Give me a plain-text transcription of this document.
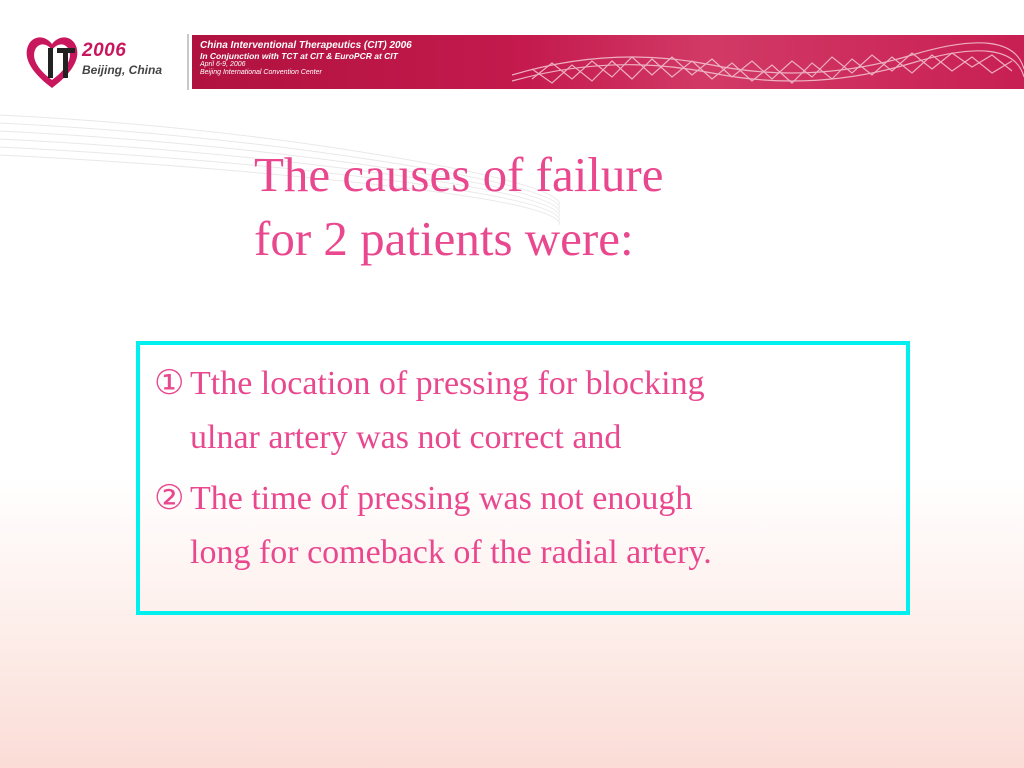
2006
Beijing, China
China Interventional Therapeutics (CIT) 2006
In Conjunction with TCT at CIT & EuroPCR at CIT
April 6-9, 2006
Beijing International Convention Center
The causes of failure
for 2 patients were:
① Tthe location of pressing for blocking
ulnar artery was not correct and
② The time of pressing was not enough
long for comeback of the radial artery.
